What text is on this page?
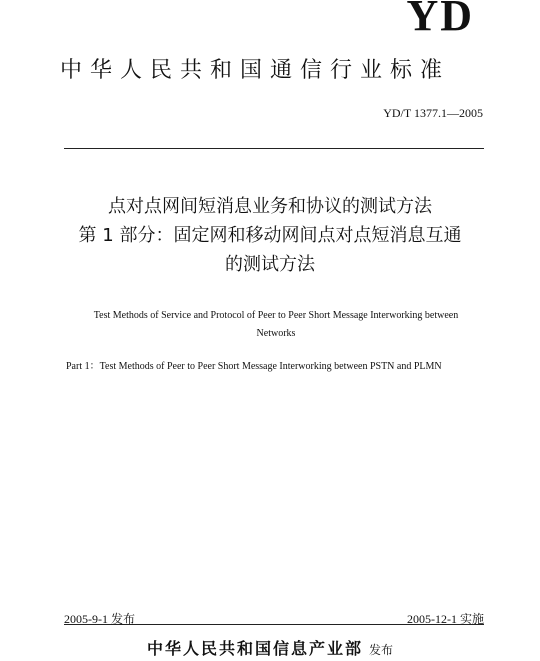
YD
中华人民共和国通信行业标准
YD/T 1377.1—2005
点对点网间短消息业务和协议的测试方法
第 1 部分：固定网和移动网间点对点短消息互通
的测试方法
Test Methods of Service and Protocol of Peer to Peer Short Message Interworking between
Networks
Part 1：Test Methods of Peer to Peer Short Message Interworking between PSTN and PLMN
2005-9-1 发布	2005-12-1 实施
中华人民共和国信息产业部 发布
